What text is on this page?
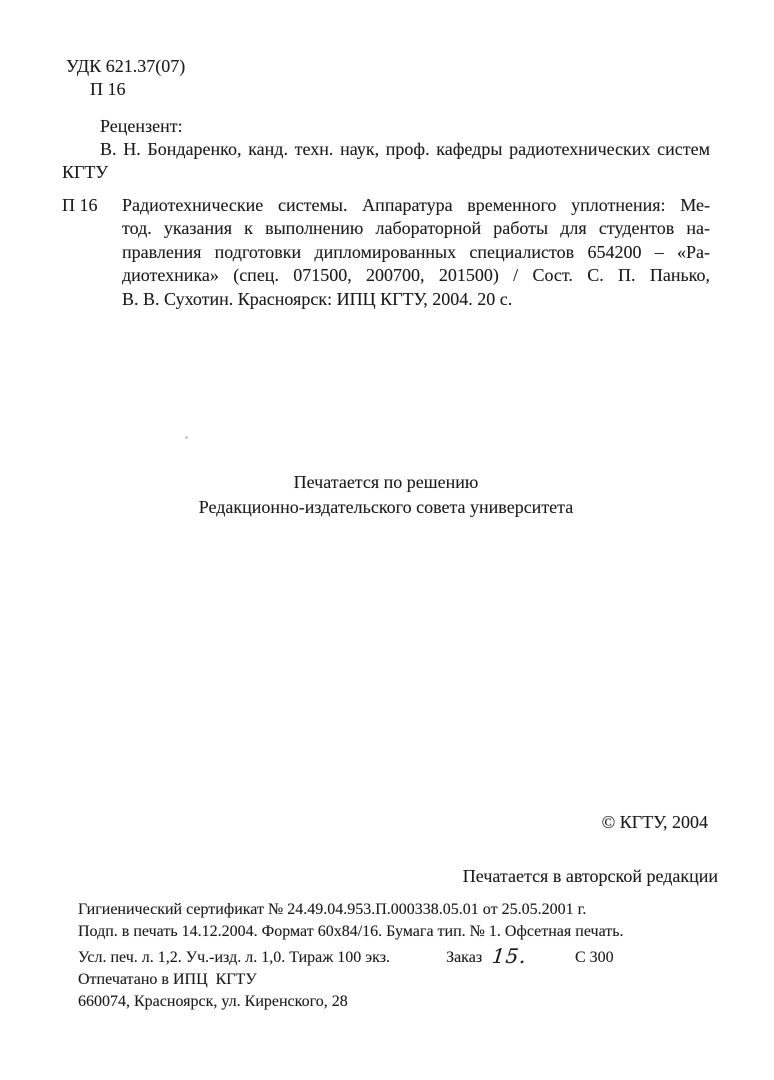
УДК 621.37(07)
П 16
Рецензент:
В. Н. Бондаренко, канд. техн. наук, проф. кафедры радиотехнических систем
КГТУ
П 16	Радиотехнические системы. Аппаратура временного уплотнения: Ме-
тод. указания к выполнению лабораторной работы для студентов на-
правления подготовки дипломированных специалистов 654200 – «Ра-
диотехника» (спец. 071500, 200700, 201500) / Сост. С. П. Панько,
В. В. Сухотин. Красноярск: ИПЦ КГТУ, 2004. 20 с.
Печатается по решению
Редакционно-издательского совета университета
© КГТУ, 2004
Печатается в авторской редакции
Гигиенический сертификат № 24.49.04.953.П.000338.05.01 от 25.05.2001 г.
Подп. в печать 14.12.2004. Формат 60х84/16. Бумага тип. № 1. Офсетная печать.
Усл. печ. л. 1,2. Уч.-изд. л. 1,0. Тираж 100 экз.	Заказ 15.	С 300
Отпечатано в ИПЦ  КГТУ
660074, Красноярск, ул. Киренского, 28
